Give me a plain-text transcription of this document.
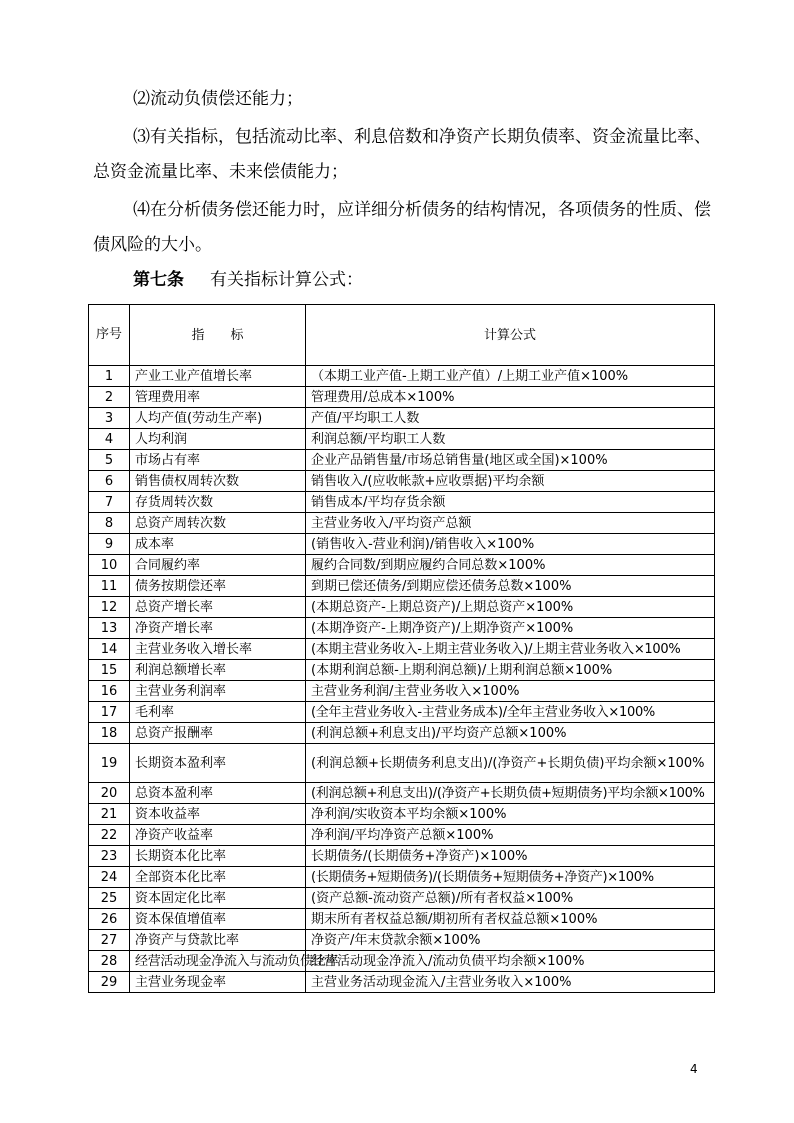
⑵流动负债偿还能力；

⑶有关指标，包括流动比率、利息倍数和净资产长期负债率、资金流量比率、总资金流量比率、未来偿债能力；

⑷在分析债务偿还能力时，应详细分析债务的结构情况，各项债务的性质、偿债风险的大小。

第七条 有关指标计算公式：

序号	指　　标	计算公式
1	产业工业产值增长率	（本期工业产值-上期工业产值）/上期工业产值×100%
2	管理费用率	管理费用/总成本×100%
3	人均产值(劳动生产率)	产值/平均职工人数
4	人均利润	利润总额/平均职工人数
5	市场占有率	企业产品销售量/市场总销售量(地区或全国)×100%
6	销售债权周转次数	销售收入/(应收帐款+应收票据)平均余额
7	存货周转次数	销售成本/平均存货余额
8	总资产周转次数	主营业务收入/平均资产总额
9	成本率	(销售收入-营业利润)/销售收入×100%
10	合同履约率	履约合同数/到期应履约合同总数×100%
11	债务按期偿还率	到期已偿还债务/到期应偿还债务总数×100%
12	总资产增长率	(本期总资产-上期总资产)/上期总资产×100%
13	净资产增长率	(本期净资产-上期净资产)/上期净资产×100%
14	主营业务收入增长率	(本期主营业务收入-上期主营业务收入)/上期主营业务收入×100%
15	利润总额增长率	(本期利润总额-上期利润总额)/上期利润总额×100%
16	主营业务利润率	主营业务利润/主营业务收入×100%
17	毛利率	(全年主营业务收入-主营业务成本)/全年主营业务收入×100%
18	总资产报酬率	(利润总额+利息支出)/平均资产总额×100%
19	长期资本盈利率	(利润总额+长期债务利息支出)/(净资产+长期负债)平均余额×100%
20	总资本盈利率	(利润总额+利息支出)/(净资产+长期负债+短期债务)平均余额×100%
21	资本收益率	净利润/实收资本平均余额×100%
22	净资产收益率	净利润/平均净资产总额×100%
23	长期资本化比率	长期债务/(长期债务+净资产)×100%
24	全部资本化比率	(长期债务+短期债务)/(长期债务+短期债务+净资产)×100%
25	资本固定化比率	(资产总额-流动资产总额)/所有者权益×100%
26	资本保值增值率	期末所有者权益总额/期初所有者权益总额×100%
27	净资产与贷款比率	净资产/年末贷款余额×100%
28	经营活动现金净流入与流动负债比率	经营活动现金净流入/流动负债平均余额×100%
29	主营业务现金率	主营业务活动现金流入/主营业务收入×100%
4
